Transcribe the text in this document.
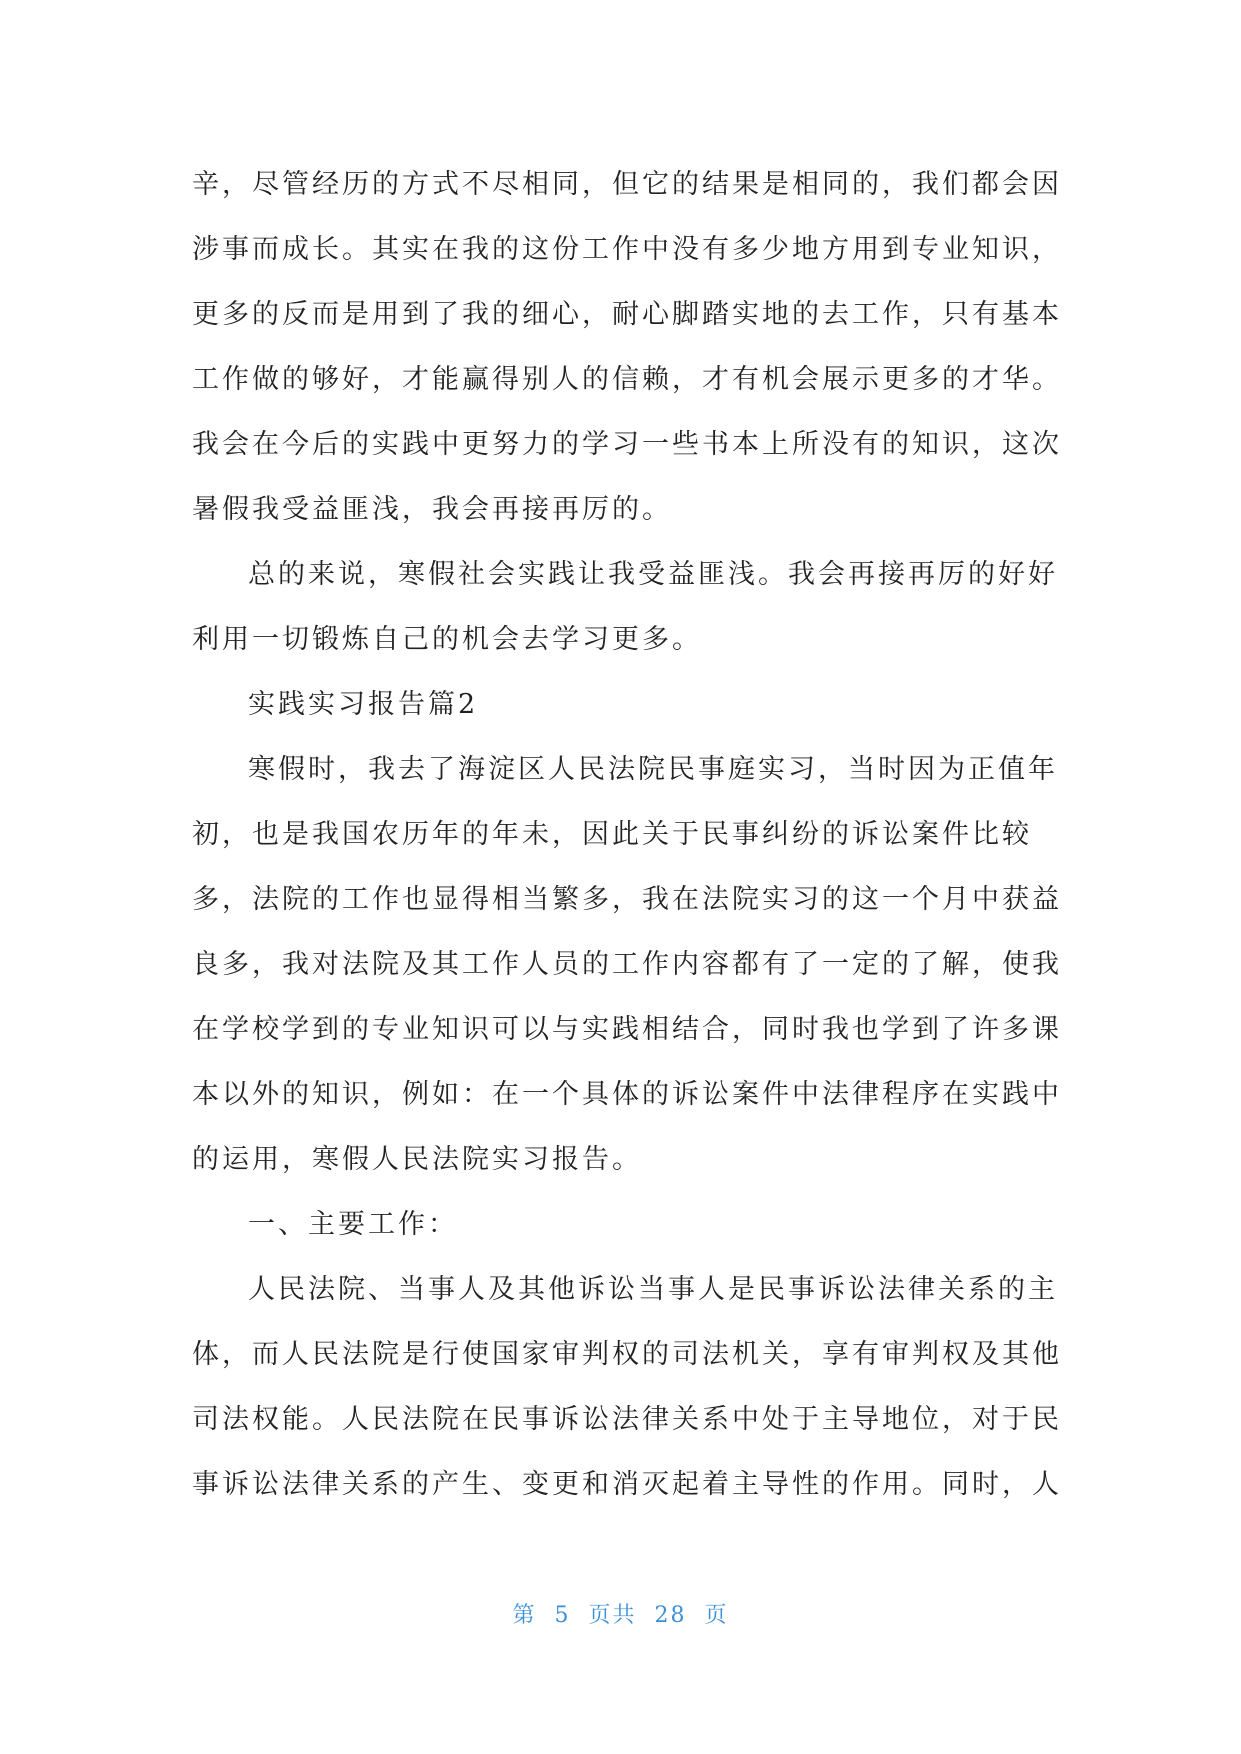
辛，尽管经历的方式不尽相同，但它的结果是相同的，我们都会因
涉事而成长。其实在我的这份工作中没有多少地方用到专业知识，
更多的反而是用到了我的细心，耐心脚踏实地的去工作，只有基本
工作做的够好，才能赢得别人的信赖，才有机会展示更多的才华。
我会在今后的实践中更努力的学习一些书本上所没有的知识，这次
暑假我受益匪浅，我会再接再厉的。
总的来说，寒假社会实践让我受益匪浅。我会再接再厉的好好
利用一切锻炼自己的机会去学习更多。
实践实习报告篇2
寒假时，我去了海淀区人民法院民事庭实习，当时因为正值年
初，也是我国农历年的年未，因此关于民事纠纷的诉讼案件比较
多，法院的工作也显得相当繁多，我在法院实习的这一个月中获益
良多，我对法院及其工作人员的工作内容都有了一定的了解，使我
在学校学到的专业知识可以与实践相结合，同时我也学到了许多课
本以外的知识，例如：在一个具体的诉讼案件中法律程序在实践中
的运用，寒假人民法院实习报告。
一、主要工作：
人民法院、当事人及其他诉讼当事人是民事诉讼法律关系的主
体，而人民法院是行使国家审判权的司法机关，享有审判权及其他
司法权能。人民法院在民事诉讼法律关系中处于主导地位，对于民
事诉讼法律关系的产生、变更和消灭起着主导性的作用。同时，人
第  5  页共  28  页
